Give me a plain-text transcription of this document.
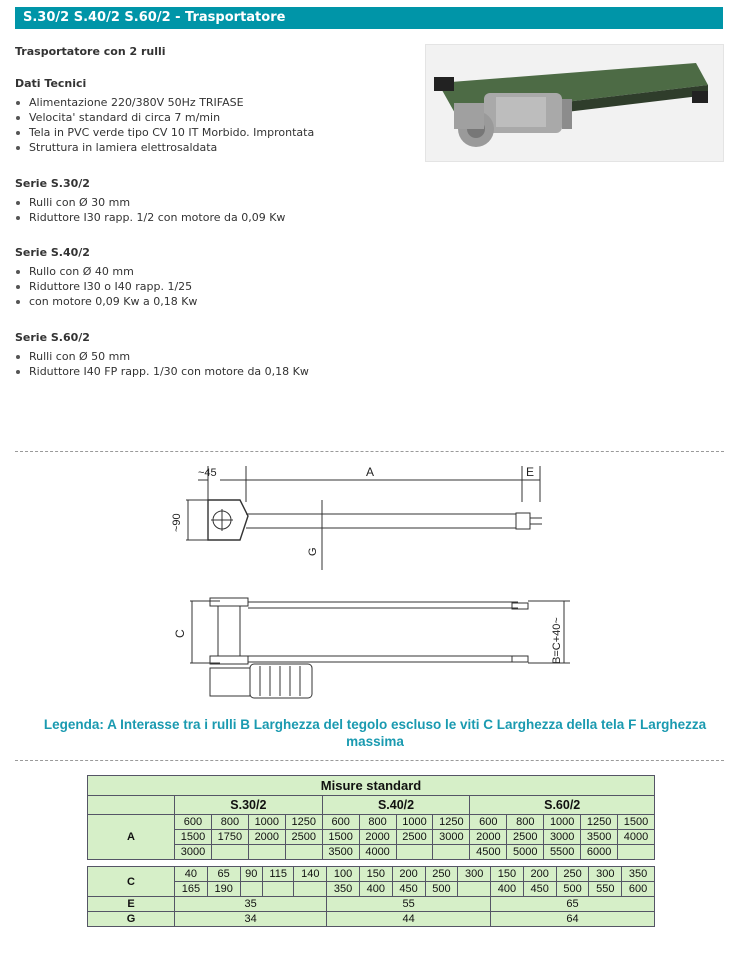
S.30/2 S.40/2 S.60/2 - Trasportatore
Trasportatore con 2 rulli
Dati Tecnici
Alimentazione 220/380V 50Hz TRIFASE
Velocita' standard di circa 7 m/min
Tela in PVC verde tipo CV 10 IT Morbido. Improntata
Struttura in lamiera elettrosaldata
Serie S.30/2
Rulli con Ø 30 mm
Riduttore I30 rapp. 1/2 con motore da 0,09 Kw
Serie S.40/2
Rullo con Ø 40 mm
Riduttore I30 o I40 rapp. 1/25
con motore 0,09 Kw a 0,18 Kw
Serie S.60/2
Rulli con Ø 50 mm
Riduttore I40 FP rapp. 1/30 con motore da 0,18 Kw
~45	A	E
~90
G
C	B=C+40~
Legenda: A Interasse tra i rulli B Larghezza del tegolo escluso le viti C Larghezza della tela F Larghezza massima
Misure standard													
	S.30/2				S.40/2				S.60/2				
A	600	800	1000	1250	600	800	1000	1250	600	800	1000	1250	1500
	1500	1750	2000	2500	1500	2000	2500	3000	2000	2500	3000	3500	4000
	3000				3500	4000			4500	5000	5500	6000	
C	40	65	90	115	140	100	150	200	250	300	150	200	250	300	350
	165	190				350	400	450	500		400	450	500	550	600
E	35					55					65				
G	34					44					64				
